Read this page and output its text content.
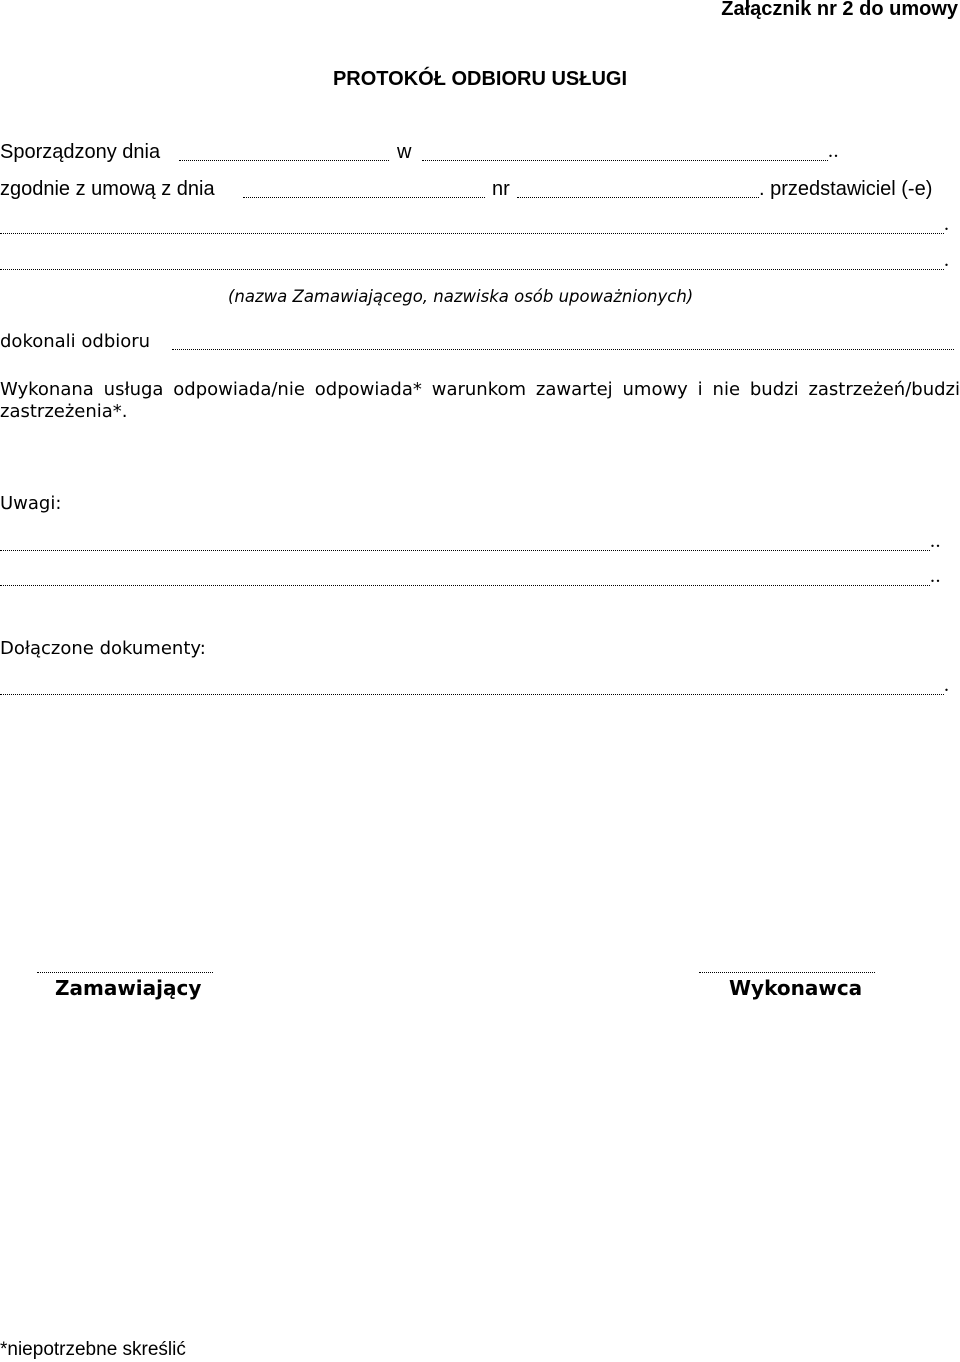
Załącznik nr 2 do umowy
PROTOKÓŁ ODBIORU USŁUGI
Sporządzony dnia	w	..
zgodnie z umową z dnia	nr	. przedstawiciel (-e)
.
.
(nazwa Zamawiającego, nazwiska osób upoważnionych)
dokonali odbioru
Wykonana usługa odpowiada/nie odpowiada* warunkom zawartej umowy i nie budzi zastrzeżeń/budzi zastrzeżenia*.
Uwagi:
..
..
Dołączone dokumenty:
.
Zamawiający	Wykonawca
*niepotrzebne skreślić
